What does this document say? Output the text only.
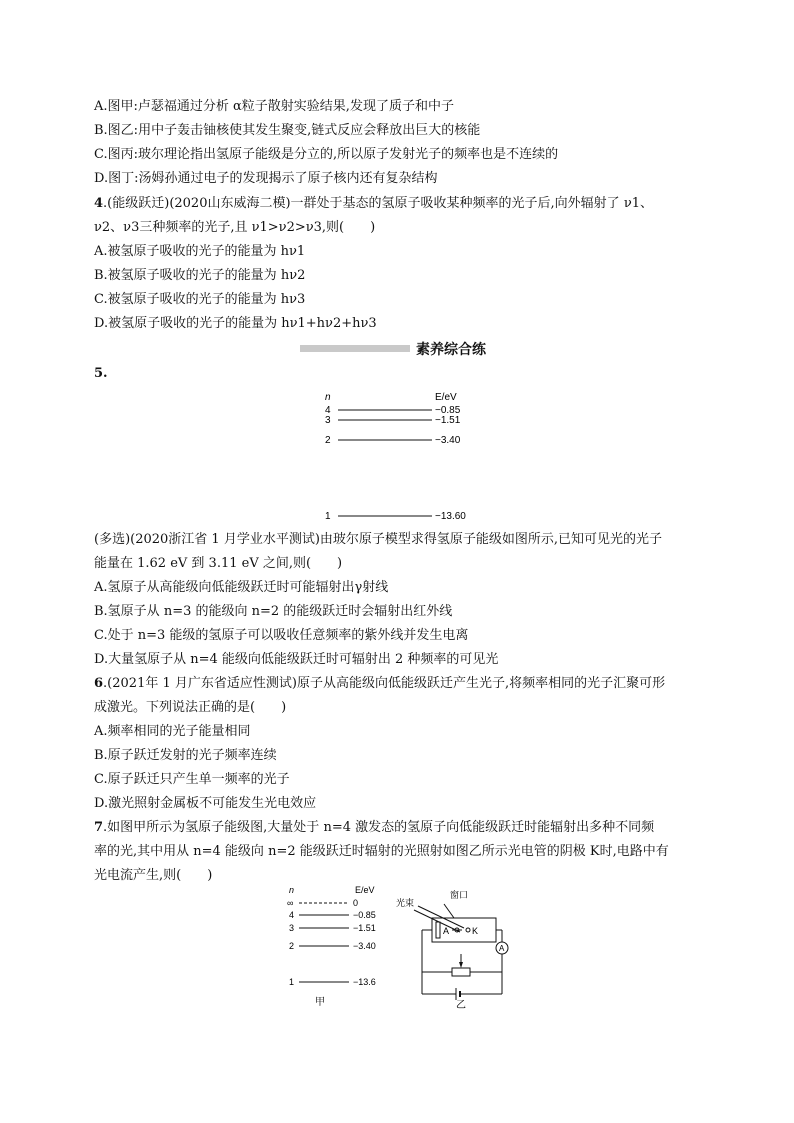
A.图甲:卢瑟福通过分析 α粒子散射实验结果,发现了质子和中子
B.图乙:用中子轰击铀核使其发生聚变,链式反应会释放出巨大的核能
C.图丙:玻尔理论指出氢原子能级是分立的,所以原子发射光子的频率也是不连续的
D.图丁:汤姆孙通过电子的发现揭示了原子核内还有复杂结构
4.(能级跃迁)(2020山东威海二模)一群处于基态的氢原子吸收某种频率的光子后,向外辐射了 ν1、
ν2、ν3三种频率的光子,且 ν1>ν2>ν3,则(　　)
A.被氢原子吸收的光子的能量为 hν1
B.被氢原子吸收的光子的能量为 hν2
C.被氢原子吸收的光子的能量为 hν3
D.被氢原子吸收的光子的能量为 hν1+hν2+hν3
素养综合练
5.
n	E/eV
4	−0.85
3	−1.51
2	−3.40
1	−13.60
(多选)(2020浙江省 1 月学业水平测试)由玻尔原子模型求得氢原子能级如图所示,已知可见光的光子
能量在 1.62 eV 到 3.11 eV 之间,则(　　)
A.氢原子从高能级向低能级跃迁时可能辐射出γ射线
B.氢原子从 n=3 的能级向 n=2 的能级跃迁时会辐射出红外线
C.处于 n=3 能级的氢原子可以吸收任意频率的紫外线并发生电离
D.大量氢原子从 n=4 能级向低能级跃迁时可辐射出 2 种频率的可见光
6.(2021年 1 月广东省适应性测试)原子从高能级向低能级跃迁产生光子,将频率相同的光子汇聚可形
成激光。下列说法正确的是(　　)
A.频率相同的光子能量相同
B.原子跃迁发射的光子频率连续
C.原子跃迁只产生单一频率的光子
D.激光照射金属板不可能发生光电效应
7.如图甲所示为氢原子能级图,大量处于 n=4 激发态的氢原子向低能级跃迁时能辐射出多种不同频
率的光,其中用从 n=4 能级向 n=2 能级跃迁时辐射的光照射如图乙所示光电管的阴极 K时,电路中有
光电流产生,则(　　)
n	E/eV
∞	0
4	−0.85
3	−1.51
2	−3.40
1	−13.6
甲
光束
窗口
A	K
A
乙
